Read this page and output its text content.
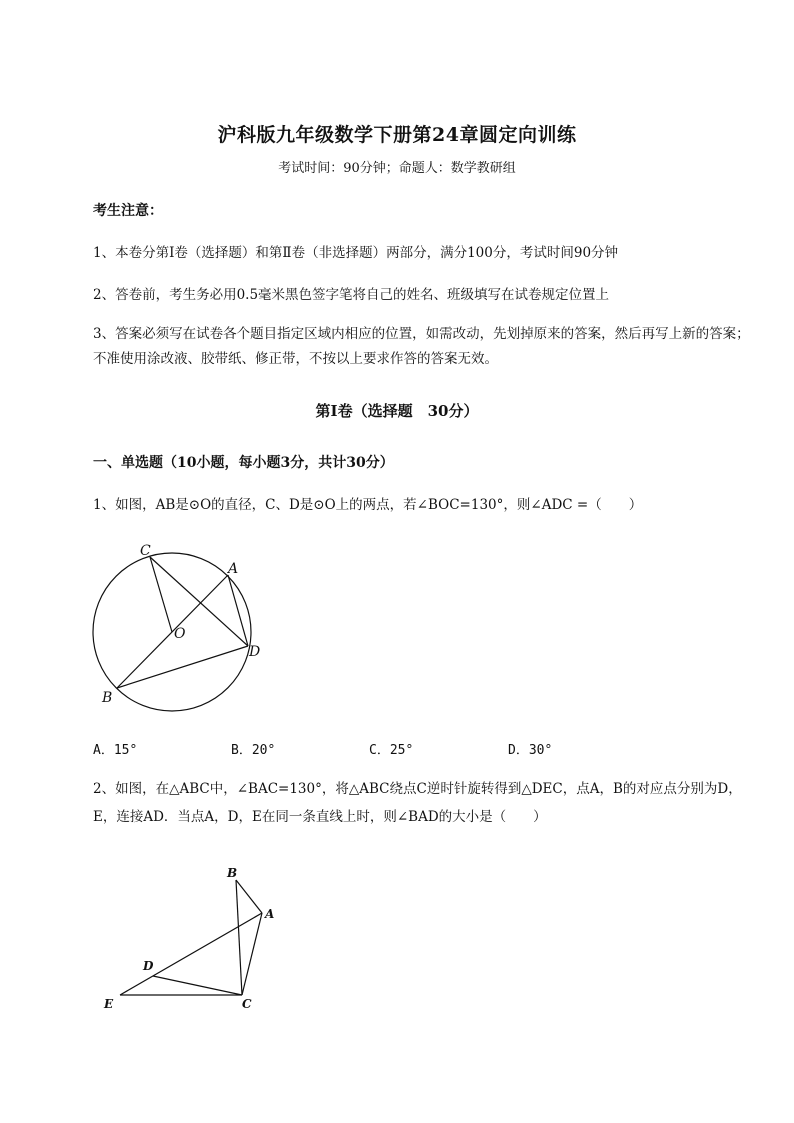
沪科版九年级数学下册第24章圆定向训练
考试时间：90分钟；命题人：数学教研组
考生注意：
1、本卷分第I卷（选择题）和第Ⅱ卷（非选择题）两部分，满分100分，考试时间90分钟
2、答卷前，考生务必用0.5毫米黑色签字笔将自己的姓名、班级填写在试卷规定位置上
3、答案必须写在试卷各个题目指定区域内相应的位置，如需改动，先划掉原来的答案，然后再写上新的答案；不准使用涂改液、胶带纸、修正带，不按以上要求作答的答案无效。
第I卷（选择题　30分）
一、单选题（10小题，每小题3分，共计30分）
1、如图，AB是⊙O的直径，C、D是⊙O上的两点，若∠BOC=130°，则∠ADC =（　　）
C
A
O
D
B
B
A
D
E	C
A．15°	B．20°	C．25°	D．30°
2、如图，在△ABC中，∠BAC=130°，将△ABC绕点C逆时针旋转得到△DEC，点A，B的对应点分别为D，E，连接AD．当点A，D，E在同一条直线上时，则∠BAD的大小是（　　）
